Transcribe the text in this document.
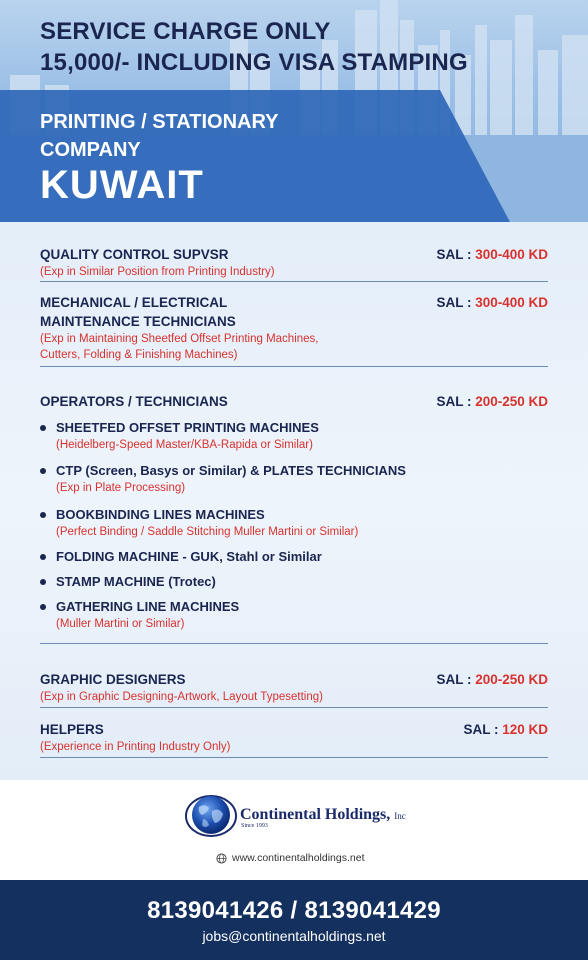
SERVICE CHARGE ONLY
15,000/- INCLUDING VISA STAMPING
PRINTING / STATIONARY
COMPANY
KUWAIT
QUALITY CONTROL SUPVSR
(Exp in Similar Position from Printing Industry)
SAL : 300-400 KD
MECHANICAL / ELECTRICAL
MAINTENANCE TECHNICIANS
(Exp in Maintaining Sheetfed Offset Printing Machines,
Cutters, Folding & Finishing Machines)
SAL : 300-400 KD
OPERATORS / TECHNICIANS	SAL : 200-250 KD
SHEETFED OFFSET PRINTING MACHINES
(Heidelberg-Speed Master/KBA-Rapida or Similar)
CTP (Screen, Basys or Similar) & PLATES TECHNICIANS
(Exp in Plate Processing)
BOOKBINDING LINES MACHINES
(Perfect Binding / Saddle Stitching Muller Martini or Similar)
FOLDING MACHINE - GUK, Stahl or Similar
STAMP MACHINE (Trotec)
GATHERING LINE MACHINES
(Muller Martini or Similar)
GRAPHIC DESIGNERS
(Exp in Graphic Designing-Artwork, Layout Typesetting)
SAL : 200-250 KD
HELPERS
(Experience in Printing Industry Only)
SAL : 120 KD
Continental Holdings, Inc
Since 1993
www.continentalholdings.net
8139041426 / 8139041429
jobs@continentalholdings.net
